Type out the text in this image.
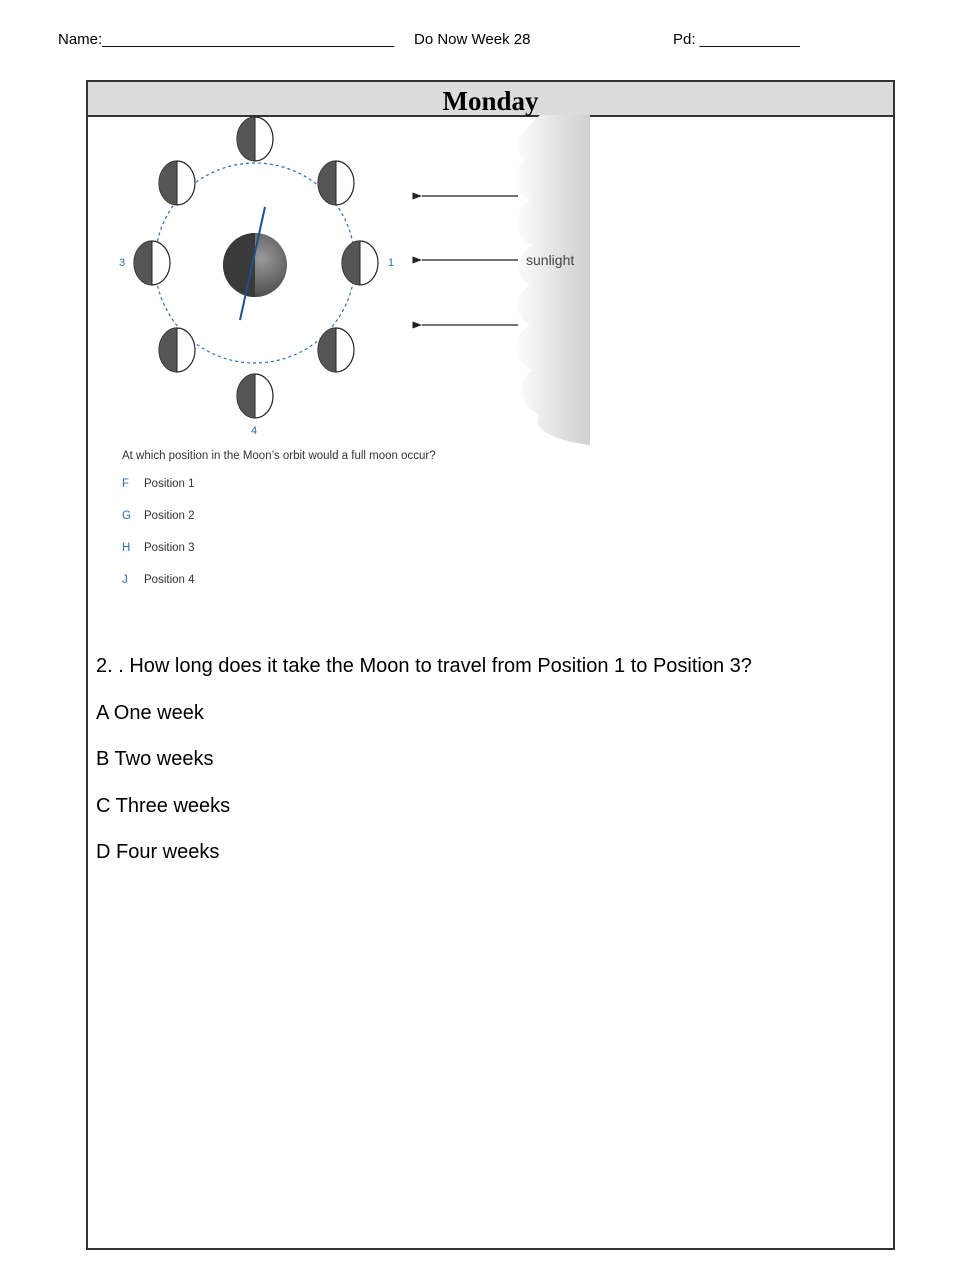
Name:___________________________________ Do Now Week 28	Pd: ____________
Monday
sunlight
1
3
4
At which position in the Moon’s orbit would a full moon occur?
F Position 1
G Position 2
H Position 3
J Position 4
2. . How long does it take the Moon to travel from Position 1 to Position 3?
A One week
B Two weeks
C Three weeks
D Four weeks
